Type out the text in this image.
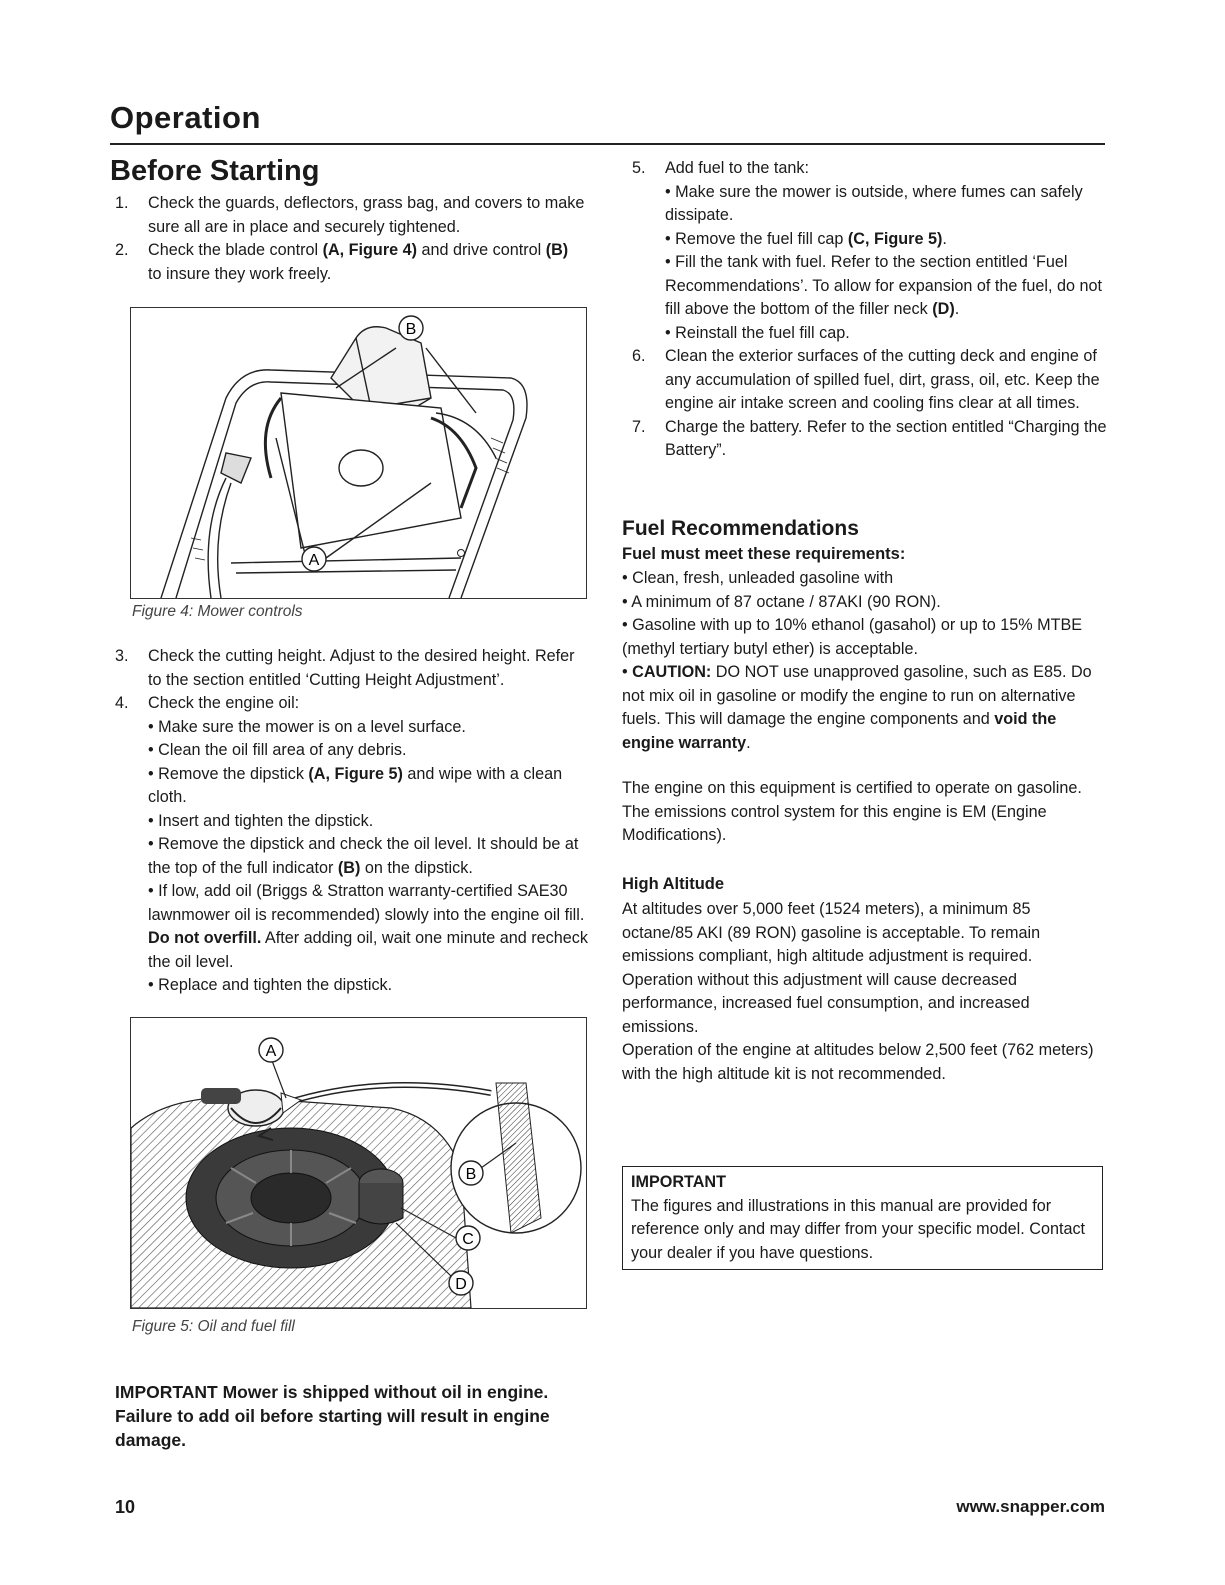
Operation
Before Starting
1. Check the guards, deflectors, grass bag, and covers to make sure all are in place and securely tightened.
2. Check the blade control (A, Figure 4) and drive control (B) to insure they work freely.
B
A
Figure 4: Mower controls
3. Check the cutting height. Adjust to the desired height. Refer to the section entitled ‘Cutting Height Adjustment’.
4. Check the engine oil:
• Make sure the mower is on a level surface.
• Clean the oil fill area of any debris.
• Remove the dipstick (A, Figure 5) and wipe with a clean cloth.
• Insert and tighten the dipstick.
• Remove the dipstick and check the oil level. It should be at the top of the full indicator (B) on the dipstick.
• If low, add oil (Briggs & Stratton warranty-certified SAE30 lawnmower oil is recommended) slowly into the engine oil fill. Do not overfill. After adding oil, wait one minute and recheck the oil level.
• Replace and tighten the dipstick.
A
B
C
D
Figure 5: Oil and fuel fill
IMPORTANT Mower is shipped without oil in engine. Failure to add oil before starting will result in engine damage.
5. Add fuel to the tank:
• Make sure the mower is outside, where fumes can safely dissipate.
• Remove the fuel fill cap (C, Figure 5).
• Fill the tank with fuel. Refer to the section entitled ‘Fuel Recommendations’. To allow for expansion of the fuel, do not fill above the bottom of the filler neck (D).
• Reinstall the fuel fill cap.
6. Clean the exterior surfaces of the cutting deck and engine of any accumulation of spilled fuel, dirt, grass, oil, etc. Keep the engine air intake screen and cooling fins clear at all times.
7. Charge the battery. Refer to the section entitled “Charging the Battery”.
Fuel Recommendations
Fuel must meet these requirements:
• Clean, fresh, unleaded gasoline with
• A minimum of 87 octane / 87AKI (90 RON).
• Gasoline with up to 10% ethanol (gasahol) or up to 15% MTBE (methyl tertiary butyl ether) is acceptable.
• CAUTION: DO NOT use unapproved gasoline, such as E85. Do not mix oil in gasoline or modify the engine to run on alternative fuels. This will damage the engine components and void the engine warranty.
The engine on this equipment is certified to operate on gasoline. The emissions control system for this engine is EM (Engine Modifications).
High Altitude
At altitudes over 5,000 feet (1524 meters), a minimum 85 octane/85 AKI (89 RON) gasoline is acceptable. To remain emissions compliant, high altitude adjustment is required. Operation without this adjustment will cause decreased performance, increased fuel consumption, and increased emissions.
Operation of the engine at altitudes below 2,500 feet (762 meters) with the high altitude kit is not recommended.
IMPORTANT
The figures and illustrations in this manual are provided for reference only and may differ from your specific model. Contact your dealer if you have questions.
10	www.snapper.com
